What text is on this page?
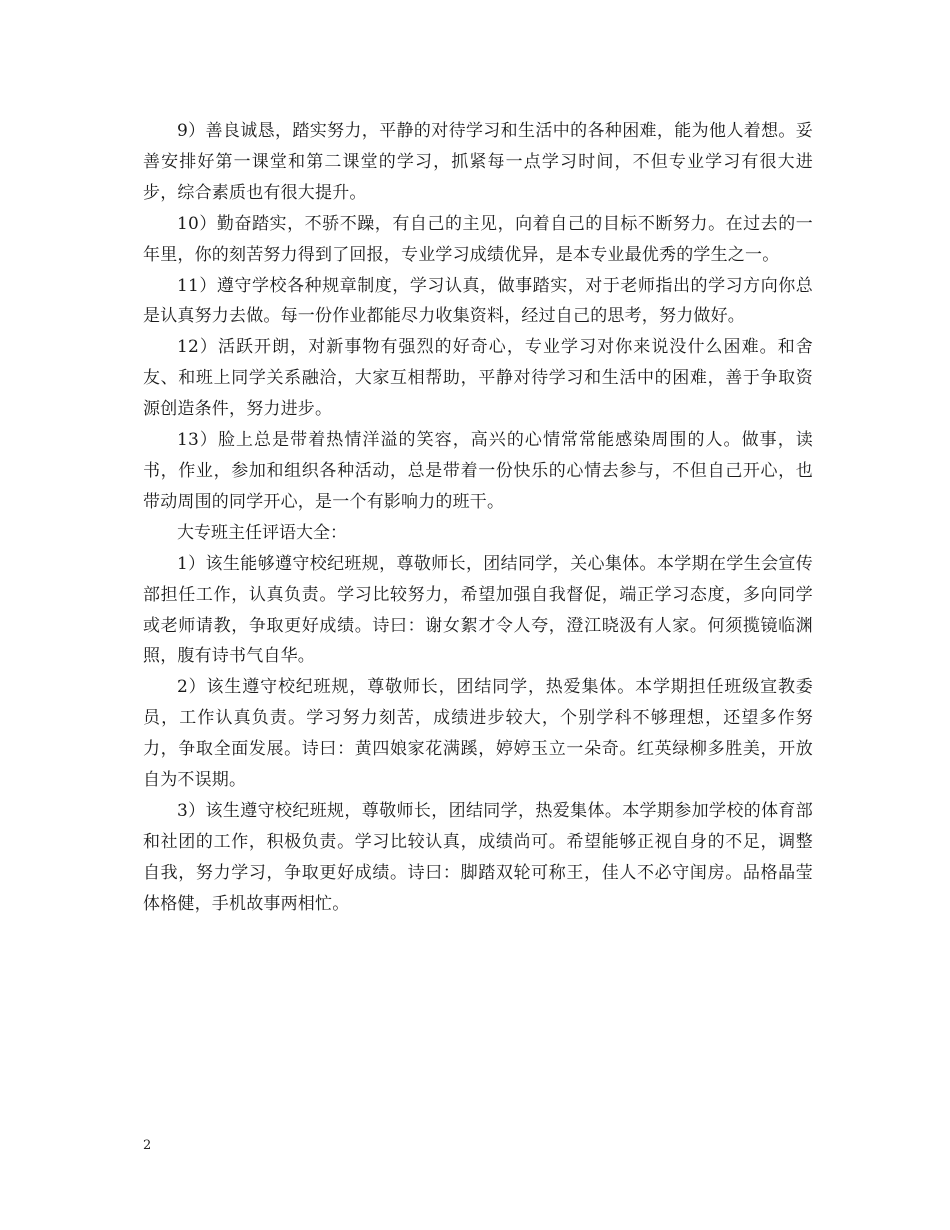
9）善良诚恳，踏实努力，平静的对待学习和生活中的各种困难，能为他人着想。妥善安排好第一课堂和第二课堂的学习，抓紧每一点学习时间，不但专业学习有很大进步，综合素质也有很大提升。

10）勤奋踏实，不骄不躁，有自己的主见，向着自己的目标不断努力。在过去的一年里，你的刻苦努力得到了回报，专业学习成绩优异，是本专业最优秀的学生之一。

11）遵守学校各种规章制度，学习认真，做事踏实，对于老师指出的学习方向你总是认真努力去做。每一份作业都能尽力收集资料，经过自己的思考，努力做好。

12）活跃开朗，对新事物有强烈的好奇心，专业学习对你来说没什么困难。和舍友、和班上同学关系融洽，大家互相帮助，平静对待学习和生活中的困难，善于争取资源创造条件，努力进步。

13）脸上总是带着热情洋溢的笑容，高兴的心情常常能感染周围的人。做事，读书，作业，参加和组织各种活动，总是带着一份快乐的心情去参与，不但自己开心，也带动周围的同学开心，是一个有影响力的班干。

大专班主任评语大全：

1）该生能够遵守校纪班规，尊敬师长，团结同学，关心集体。本学期在学生会宣传部担任工作，认真负责。学习比较努力，希望加强自我督促，端正学习态度，多向同学或老师请教，争取更好成绩。诗曰：谢女絮才令人夸，澄江晓汲有人家。何须揽镜临渊照，腹有诗书气自华。

2）该生遵守校纪班规，尊敬师长，团结同学，热爱集体。本学期担任班级宣教委员，工作认真负责。学习努力刻苦，成绩进步较大，个别学科不够理想，还望多作努力，争取全面发展。诗曰：黄四娘家花满蹊，婷婷玉立一朵奇。红英绿柳多胜美，开放自为不误期。

3）该生遵守校纪班规，尊敬师长，团结同学，热爱集体。本学期参加学校的体育部和社团的工作，积极负责。学习比较认真，成绩尚可。希望能够正视自身的不足，调整自我，努力学习，争取更好成绩。诗曰：脚踏双轮可称王，佳人不必守闺房。品格晶莹体格健，手机故事两相忙。

2
